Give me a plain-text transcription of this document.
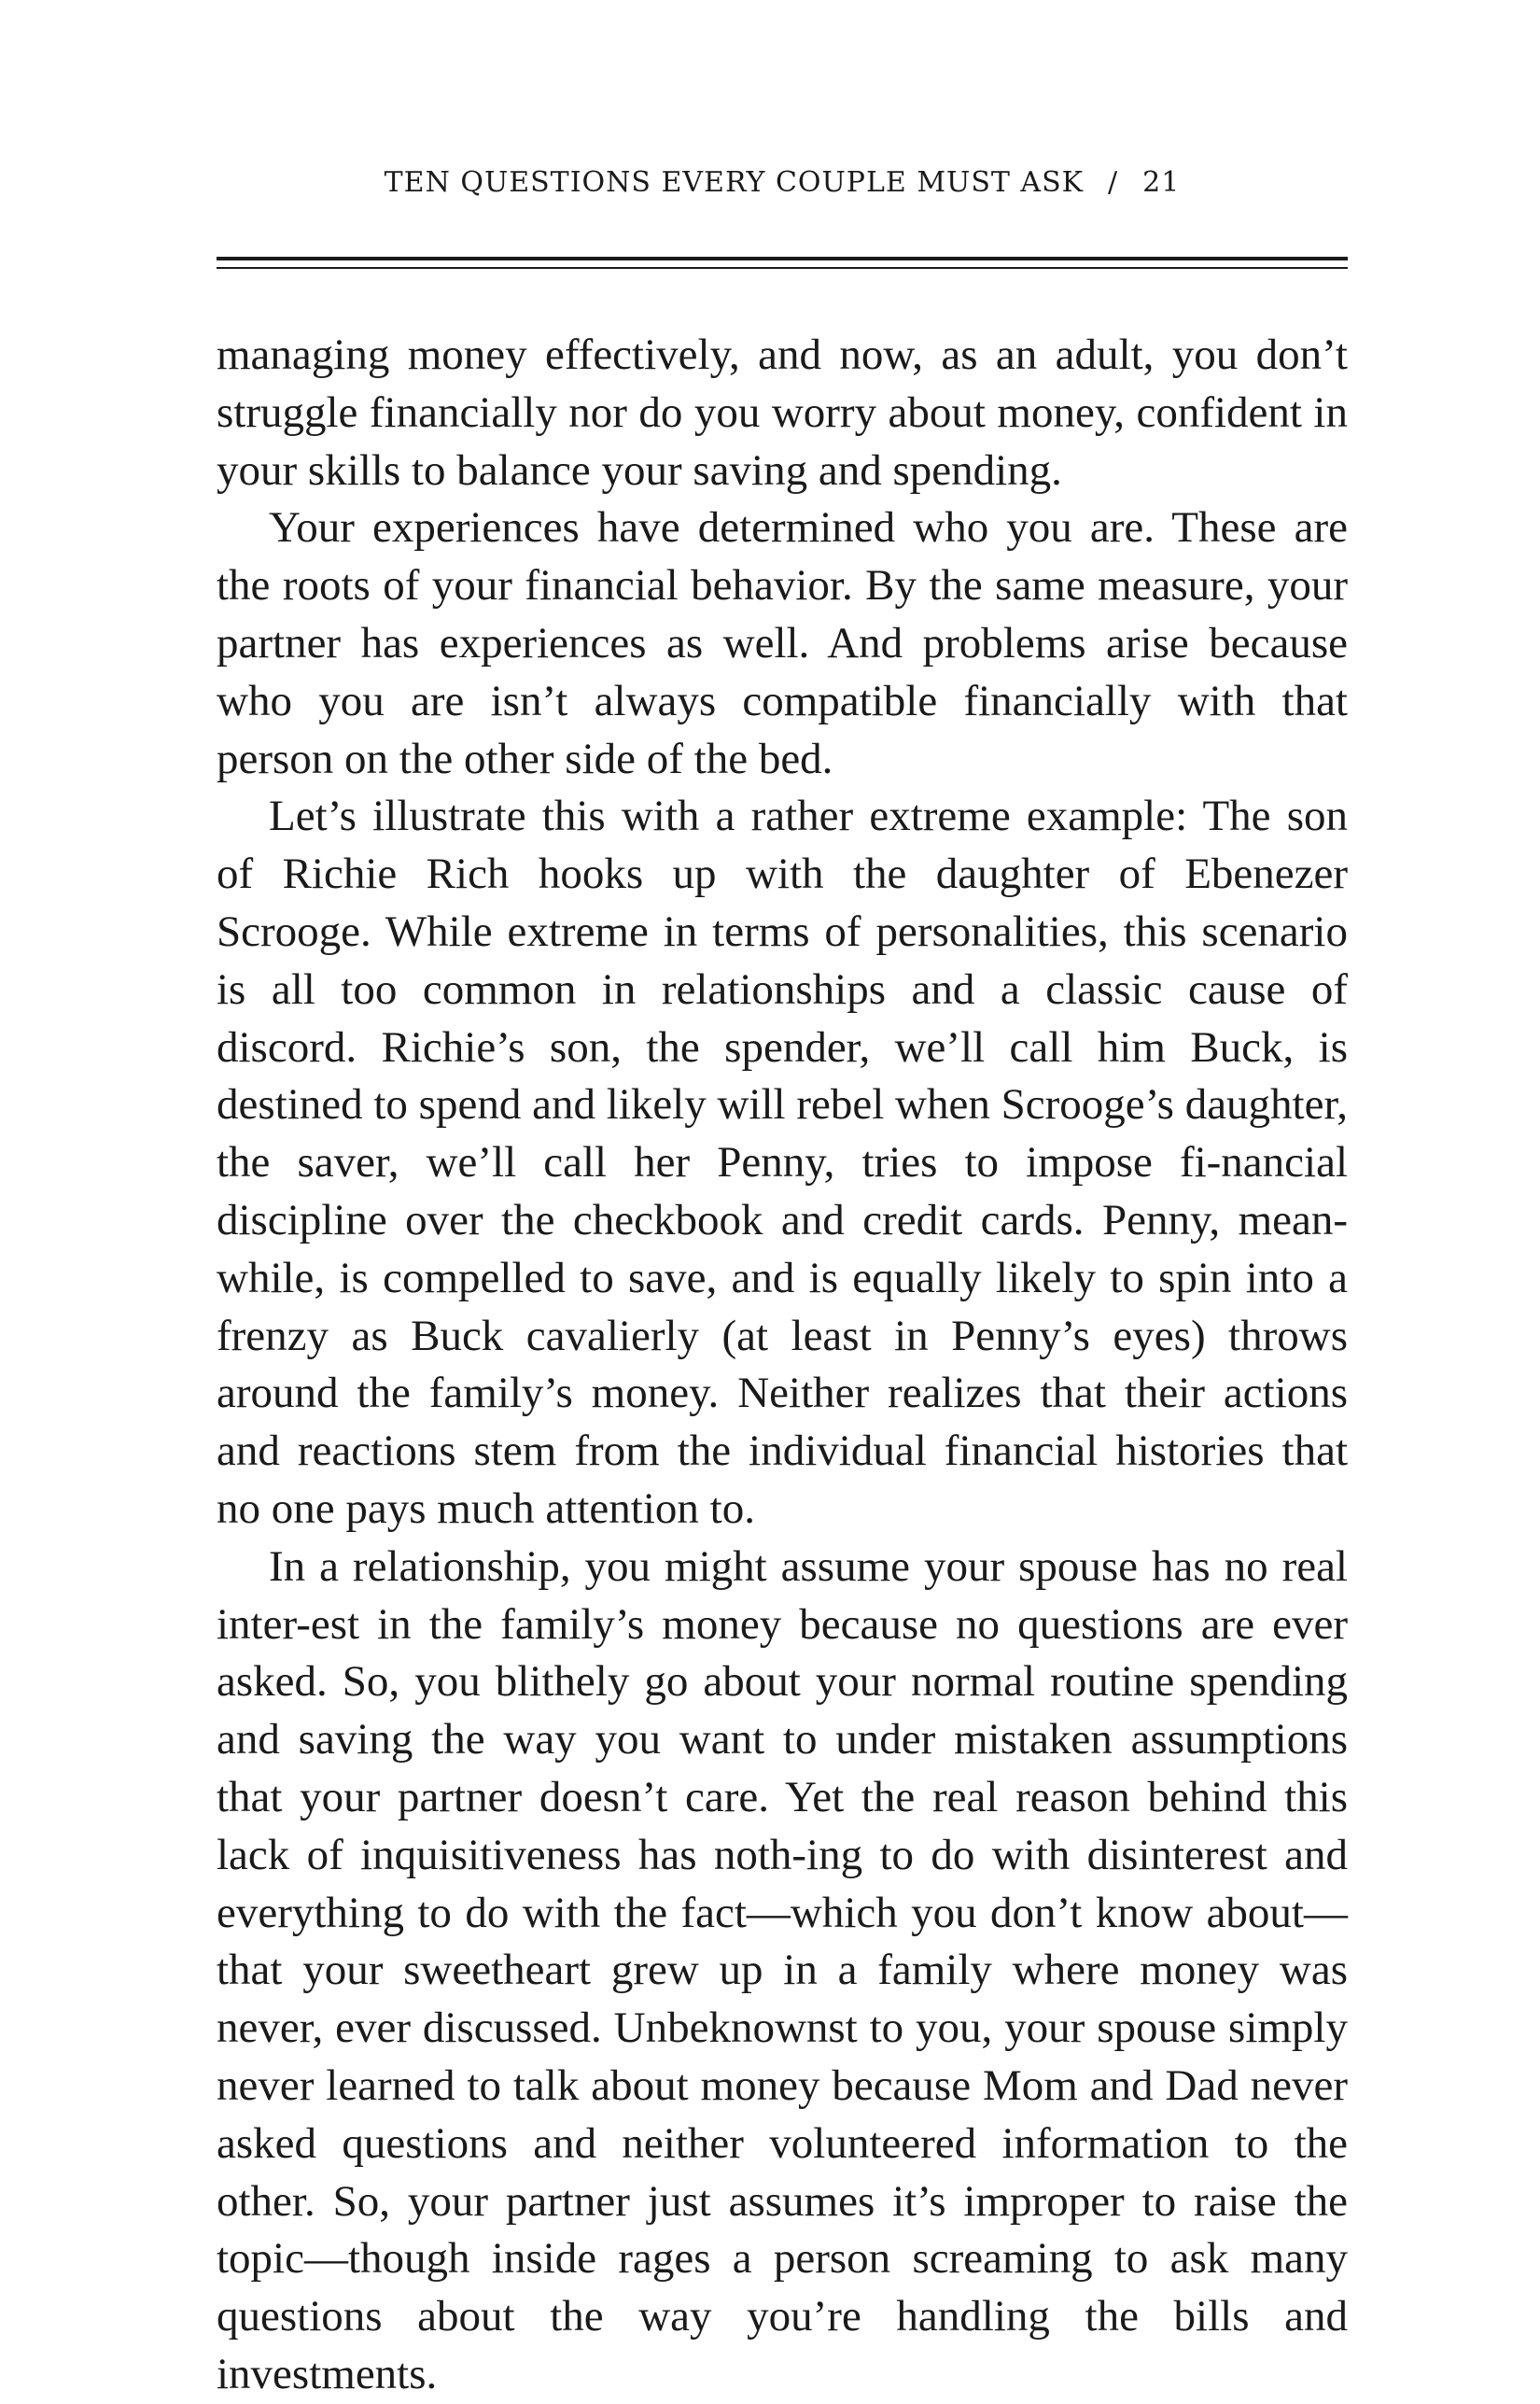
TEN QUESTIONS EVERY COUPLE MUST ASK / 21

managing money effectively, and now, as an adult, you don’t struggle financially nor do you worry about money, confident in your skills to balance your saving and spending.

Your experiences have determined who you are. These are the roots of your financial behavior. By the same measure, your partner has experiences as well. And problems arise because who you are isn’t always compatible financially with that person on the other side of the bed.

Let’s illustrate this with a rather extreme example: The son of Richie Rich hooks up with the daughter of Ebenezer Scrooge. While extreme in terms of personalities, this scenario is all too common in relationships and a classic cause of discord. Richie’s son, the spender, we’ll call him Buck, is destined to spend and likely will rebel when Scrooge’s daughter, the saver, we’ll call her Penny, tries to impose fi-nancial discipline over the checkbook and credit cards. Penny, mean-while, is compelled to save, and is equally likely to spin into a frenzy as Buck cavalierly (at least in Penny’s eyes) throws around the family’s money. Neither realizes that their actions and reactions stem from the individual financial histories that no one pays much attention to.

In a relationship, you might assume your spouse has no real inter-est in the family’s money because no questions are ever asked. So, you blithely go about your normal routine spending and saving the way you want to under mistaken assumptions that your partner doesn’t care. Yet the real reason behind this lack of inquisitiveness has noth-ing to do with disinterest and everything to do with the fact—which you don’t know about—that your sweetheart grew up in a family where money was never, ever discussed. Unbeknownst to you, your spouse simply never learned to talk about money because Mom and Dad never asked questions and neither volunteered information to the other. So, your partner just assumes it’s improper to raise the topic—though inside rages a person screaming to ask many questions about the way you’re handling the bills and investments.
